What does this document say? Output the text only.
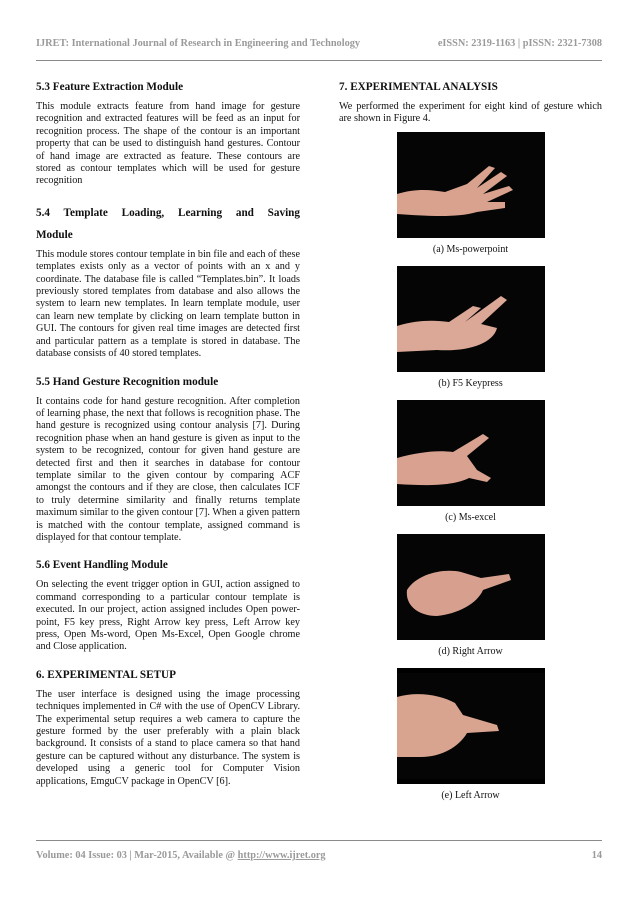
IJRET: International Journal of Research in Engineering and Technology	eISSN: 2319-1163 | pISSN: 2321-7308
5.3 Feature Extraction Module

This module extracts feature from hand image for gesture recognition and extracted features will be feed as an input for recognition process. The shape of the contour is an important property that can be used to distinguish hand gestures. Contour of hand image are extracted as feature. These contours are stored as contour templates which will be used for gesture recognition

5.4 Template Loading, Learning and Saving
Module

This module stores contour template in bin file and each of these templates exists only as a vector of points with an x and y coordinate. The database file is called “Templates.bin”. It loads previously stored templates from database and also allows the system to learn new templates. In learn template module, user can learn new template by clicking on learn template button in GUI. The contours for given real time images are detected first and particular pattern as a template is stored in database. The database consists of 40 stored templates.

5.5 Hand Gesture Recognition module

It contains code for hand gesture recognition. After completion of learning phase, the next that follows is recognition phase. The hand gesture is recognized using contour analysis [7]. During recognition phase when an hand gesture is given as input to the system to be recognized, contour for given hand gesture are detected first and then it searches in database for contour template similar to the given contour by comparing ACF amongst the contours and if they are close, then calculates ICF to truly determine similarity and finally returns template maximum similar to the given contour [7]. When a given pattern is matched with the contour template, assigned command is displayed for that contour template.

5.6 Event Handling Module

On selecting the event trigger option in GUI, action assigned to command corresponding to a particular contour template is executed. In our project, action assigned includes Open power-point, F5 key press, Right Arrow key press, Left Arrow key press, Open Ms-word, Open Ms-Excel, Open Google chrome and Close application.

6. EXPERIMENTAL SETUP

The user interface is designed using the image processing techniques implemented in C# with the use of OpenCV Library. The experimental setup requires a web camera to capture the gesture formed by the user preferably with a plain black background. It consists of a stand to place camera so that hand gesture can be captured without any disturbance. The system is developed using a generic tool for Computer Vision applications, EmguCV package in OpenCV [6].

7. EXPERIMENTAL ANALYSIS

We performed the experiment for eight kind of gesture which are shown in Figure 4.

(a) Ms-powerpoint
(b) F5 Keypress
(c) Ms-excel
(d) Right Arrow
(e) Left Arrow
Volume: 04 Issue: 03 | Mar-2015, Available @ http://www.ijret.org	14
